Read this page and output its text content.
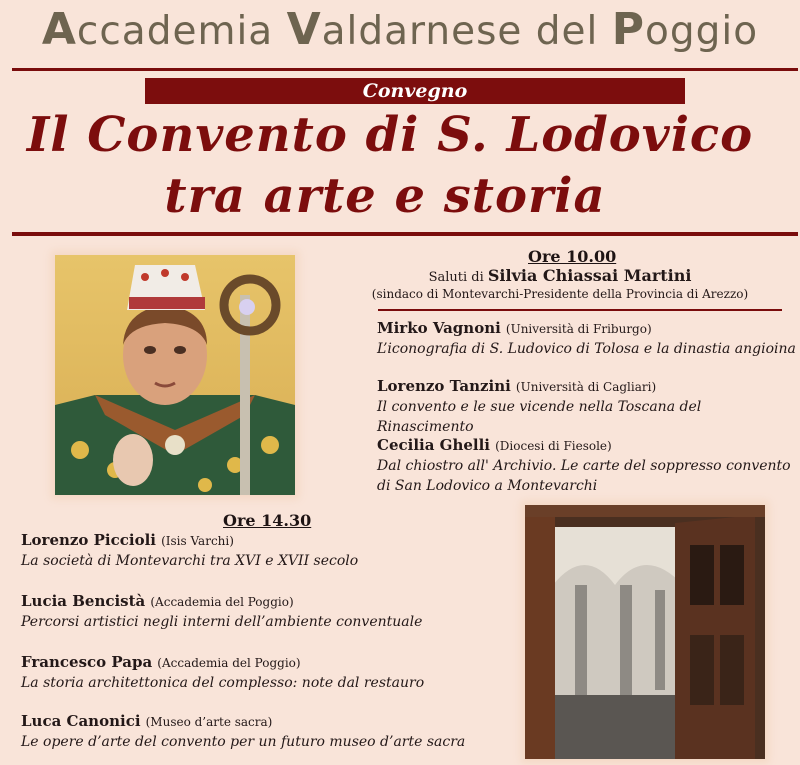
Accademia Valdarnese del Poggio
Convegno
Il Convento di S. Lodovico
tra arte e storia
Ore 10.00
Saluti di Silvia Chiassai Martini
(sindaco di Montevarchi-Presidente della Provincia di Arezzo)
Mirko Vagnoni (Università di Friburgo)
L’iconografia di S. Ludovico di Tolosa e la dinastia angioina
Lorenzo Tanzini (Università di Cagliari)
Il convento e le sue vicende nella Toscana del Rinascimento
Cecilia Ghelli (Diocesi di Fiesole)
Dal chiostro all' Archivio. Le carte del soppresso convento di San Lodovico a Montevarchi
Ore 14.30
Lorenzo Piccioli (Isis Varchi)
La società di Montevarchi tra XVI e XVII secolo
Lucia Bencistà (Accademia del Poggio)
Percorsi artistici negli interni dell’ambiente conventuale
Francesco Papa (Accademia del Poggio)
La storia architettonica del complesso: note dal restauro
Luca Canonici (Museo d’arte sacra)
Le opere d’arte del convento per un futuro museo d’arte sacra
